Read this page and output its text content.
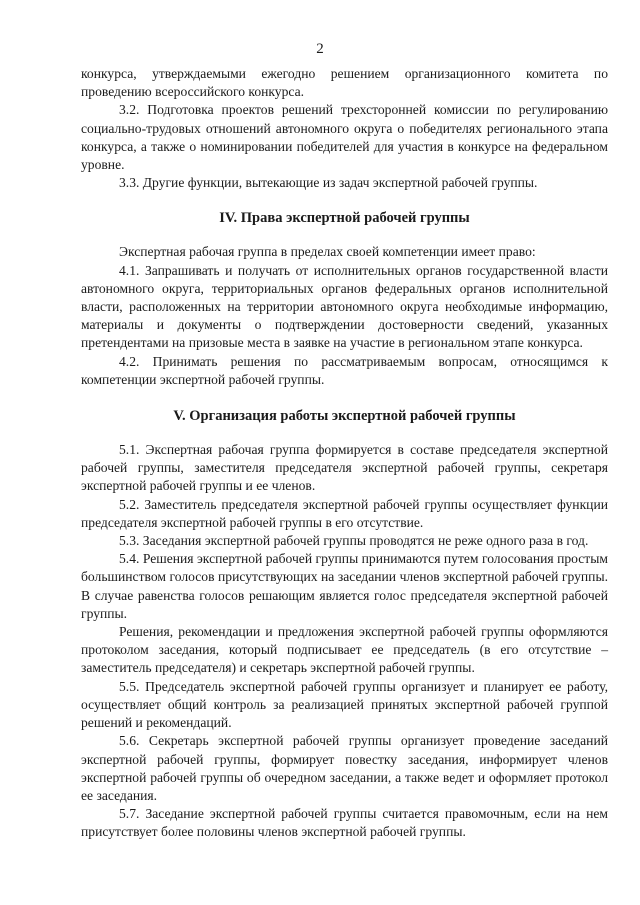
2

конкурса, утверждаемыми ежегодно решением организационного комитета по проведению всероссийского конкурса.

3.2. Подготовка проектов решений трехсторонней комиссии по регулированию социально-трудовых отношений автономного округа о победителях регионального этапа конкурса, а также о номинировании победителей для участия в конкурсе на федеральном уровне.

3.3. Другие функции, вытекающие из задач экспертной рабочей группы.

IV. Права экспертной рабочей группы

Экспертная рабочая группа в пределах своей компетенции имеет право:

4.1. Запрашивать и получать от исполнительных органов государственной власти автономного округа, территориальных органов федеральных органов исполнительной власти, расположенных на территории автономного округа необходимые информацию, материалы и документы о подтверждении достоверности сведений, указанных претендентами на призовые места в заявке на участие в региональном этапе конкурса.

4.2. Принимать решения по рассматриваемым вопросам, относящимся к компетенции экспертной рабочей группы.

V. Организация работы экспертной рабочей группы

5.1. Экспертная рабочая группа формируется в составе председателя экспертной рабочей группы, заместителя председателя экспертной рабочей группы, секретаря экспертной рабочей группы и ее членов.

5.2. Заместитель председателя экспертной рабочей группы осуществляет функции председателя экспертной рабочей группы в его отсутствие.

5.3. Заседания экспертной рабочей группы проводятся не реже одного раза в год.

5.4. Решения экспертной рабочей группы принимаются путем голосования простым большинством голосов присутствующих на заседании членов экспертной рабочей группы. В случае равенства голосов решающим является голос председателя экспертной рабочей группы.

Решения, рекомендации и предложения экспертной рабочей группы оформляются протоколом заседания, который подписывает ее председатель (в его отсутствие – заместитель председателя) и секретарь экспертной рабочей группы.

5.5. Председатель экспертной рабочей группы организует и планирует ее работу, осуществляет общий контроль за реализацией принятых экспертной рабочей группой решений и рекомендаций.

5.6. Секретарь экспертной рабочей группы организует проведение заседаний экспертной рабочей группы, формирует повестку заседания, информирует членов экспертной рабочей группы об очередном заседании, а также ведет и оформляет протокол ее заседания.

5.7. Заседание экспертной рабочей группы считается правомочным, если на нем присутствует более половины членов экспертной рабочей группы.
